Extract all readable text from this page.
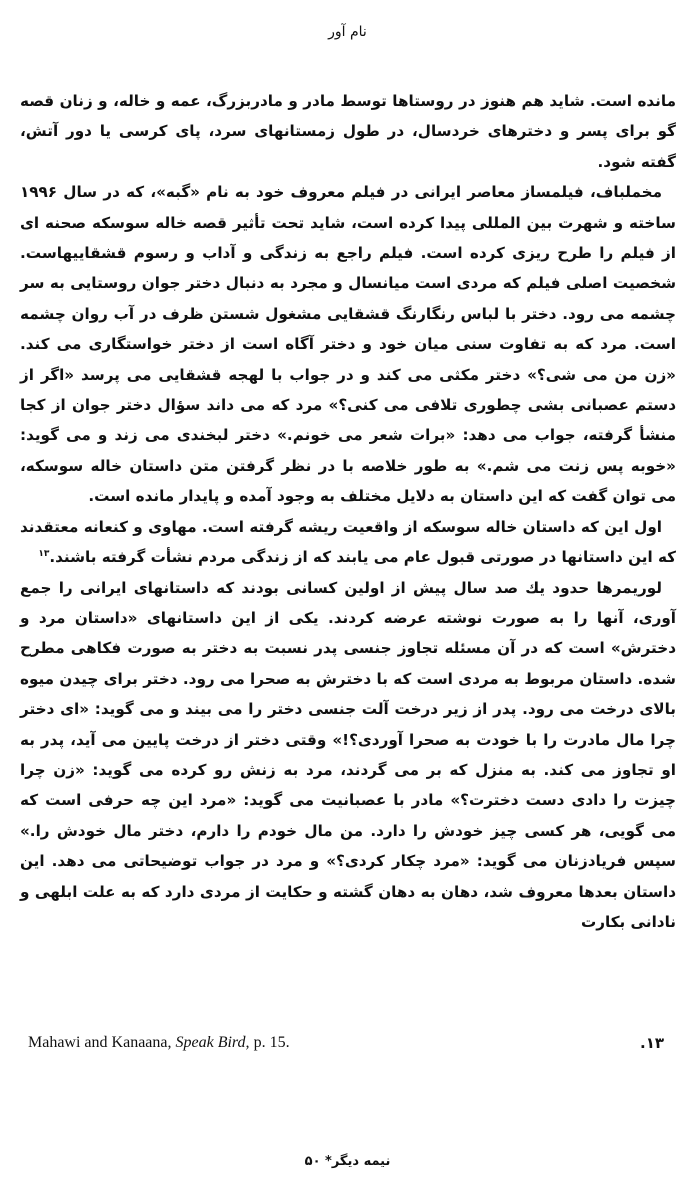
نام آور

مانده است. شاید هم هنوز در روستاها توسط مادر و مادربزرگ، عمه و خاله، و زنان قصه گو برای پسر و دخترهای خردسال، در طول زمستانهای سرد، پای کرسی یا دور آتش، گفته شود.

مخملباف، فیلمساز معاصر ایرانی در فیلم معروف خود به نام «گبه»، که در سال ۱۹۹۶ ساخته و شهرت بین المللی پیدا کرده است، شاید تحت تأثیر قصه خاله سوسکه صحنه ای از فیلم را طرح ریزی کرده است. فیلم راجع به زندگی و آداب و رسوم قشقاییهاست. شخصیت اصلی فیلم که مردی است میانسال و مجرد به دنبال دختر جوان روستایی به سر چشمه می رود. دختر با لباس رنگارنگ قشقایی مشغول شستن ظرف در آب روان چشمه است. مرد که به تفاوت سنی میان خود و دختر آگاه است از دختر خواستگاری می کند. «زن من می شی؟» دختر مکثی می کند و در جواب با لهجه قشقایی می پرسد «اگر از دستم عصبانی بشی چطوری تلافی می کنی؟» مرد که می داند سؤال دختر جوان از کجا منشأ گرفته، جواب می دهد: «برات شعر می خونم.» دختر لبخندی می زند و می گوید: «خوبه پس زنت می شم.» به طور خلاصه با در نظر گرفتن متن داستان خاله سوسکه، می توان گفت که این داستان به دلایل مختلف به وجود آمده و پایدار مانده است.

اول این که داستان خاله سوسکه از واقعیت ریشه گرفته است. مهاوی و کنعانه معتقدند که این داستانها در صورتی قبول عام می یابند که از زندگی مردم نشأت گرفته باشند.$^{۱۳}$

لوریمرها حدود یك صد سال پیش از اولین کسانی بودند که داستانهای ایرانی را جمع آوری، آنها را به صورت نوشته عرضه کردند. یکی از این داستانهای «داستان مرد و دخترش» است که در آن مسئله تجاوز جنسی پدر نسبت به دختر به صورت فکاهی مطرح شده. داستان مربوط به مردی است که با دخترش به صحرا می رود. دختر برای چیدن میوه بالای درخت می رود. پدر از زیر درخت آلت جنسی دختر را می بیند و می گوید: «ای دختر چرا مال مادرت را با خودت به صحرا آوردی؟!» وقتی دختر از درخت پایین می آید، پدر به او تجاوز می کند. به منزل که بر می گردند، مرد به زنش رو کرده می گوید: «زن چرا چیزت را دادی دست دخترت؟» مادر با عصبانیت می گوید: «مرد این چه حرفی است که می گویی، هر کسی چیز خودش را دارد. من مال خودم را دارم، دختر مال خودش را.» سپس فریادزنان می گوید: «مرد چکار کردی؟» و مرد در جواب توضیحاتی می دهد. این داستان بعدها معروف شد، دهان به دهان گشته و حکایت از مردی دارد که به علت ابلهی و نادانی بکارت

۱۳.
Mahawi and Kanaana, Speak Bird, p. 15.
نیمه دیگر* ۵۰
